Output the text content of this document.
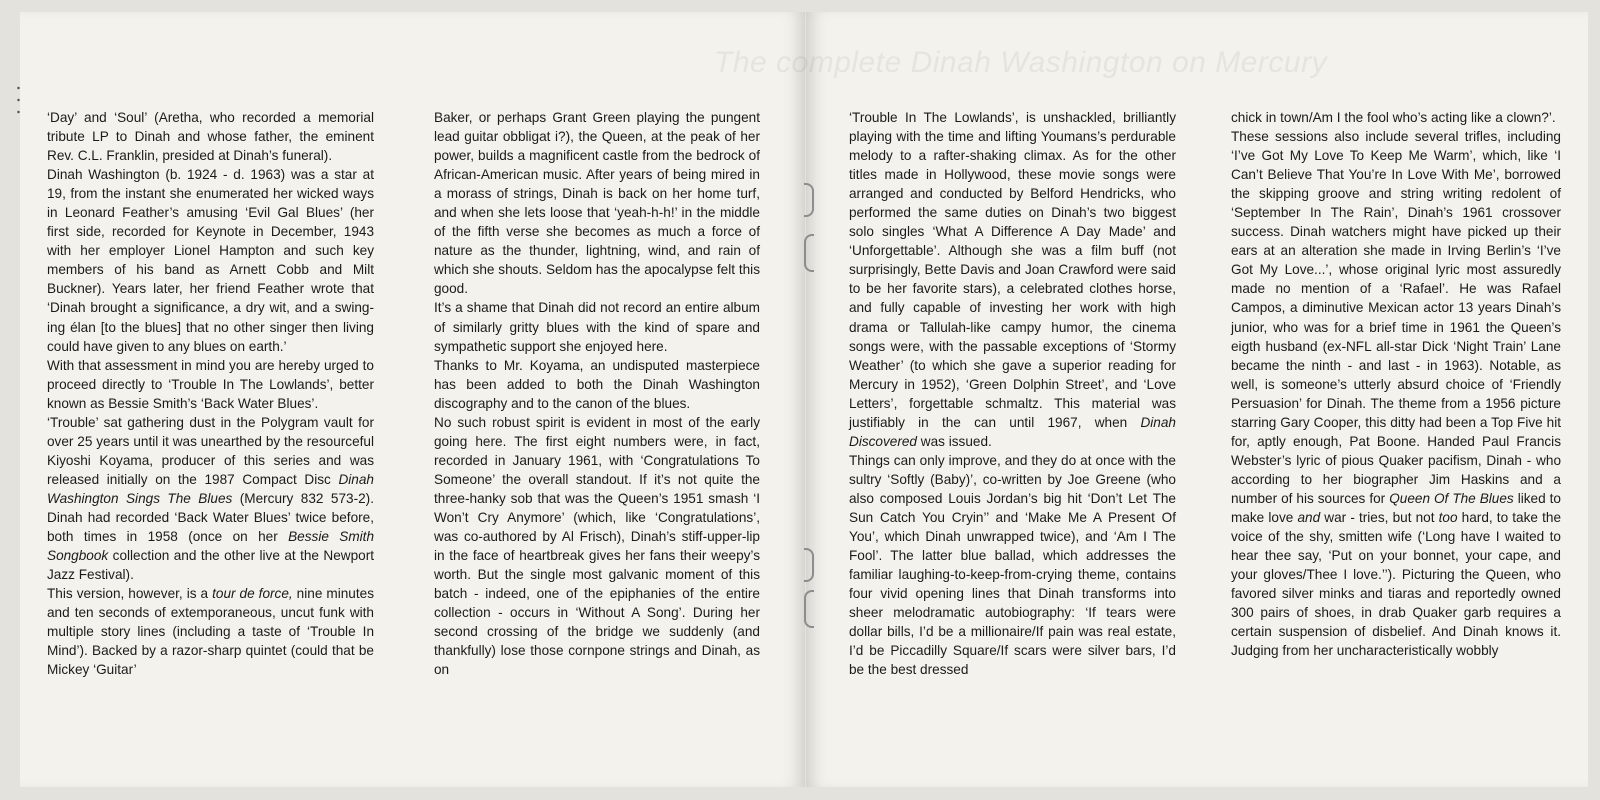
The complete Dinah Washington on Mercury

‘Day’ and ‘Soul’ (Aretha, who recorded a memorial tribute LP to Dinah and whose father, the eminent Rev. C.L. Franklin, presided at Dinah’s funeral).

Dinah Washington (b. 1924 - d. 1963) was a star at 19, from the instant she enumerated her wicked ways in Leonard Feather’s amusing ‘Evil Gal Blues’ (her first side, recorded for Keynote in December, 1943 with her employer Lionel Hampton and such key members of his band as Arnett Cobb and Milt Buckner). Years later, her friend Feather wrote that ‘Dinah brought a significance, a dry wit, and a swinging élan [to the blues] that no other singer then living could have given to any blues on earth.’

With that assessment in mind you are hereby urged to proceed directly to ‘Trouble In The Lowlands’, better known as Bessie Smith’s ‘Back Water Blues’.

‘Trouble’ sat gathering dust in the Polygram vault for over 25 years until it was unearthed by the resourceful Kiyoshi Koyama, producer of this series and was released initially on the 1987 Compact Disc Dinah Washington Sings The Blues (Mercury 832 573-2). Dinah had recorded ‘Back Water Blues’ twice before, both times in 1958 (once on her Bessie Smith Songbook collection and the other live at the Newport Jazz Festival).

This version, however, is a tour de force, nine minutes and ten seconds of extemporaneous, uncut funk with multiple story lines (including a taste of ‘Trouble In Mind’). Backed by a razor-sharp quintet (could that be Mickey ‘Guitar’

Baker, or perhaps Grant Green playing the pungent lead guitar obbligat i?), the Queen, at the peak of her power, builds a magnificent castle from the bedrock of African-American music. After years of being mired in a morass of strings, Dinah is back on her home turf, and when she lets loose that ‘yeah-h-h!’ in the middle of the fifth verse she becomes as much a force of nature as the thunder, lightning, wind, and rain of which she shouts. Seldom has the apocalypse felt this good.

It’s a shame that Dinah did not record an entire album of similarly gritty blues with the kind of spare and sympathetic support she enjoyed here.

Thanks to Mr. Koyama, an undisputed masterpiece has been added to both the Dinah Washington discography and to the canon of the blues.

No such robust spirit is evident in most of the early going here. The first eight numbers were, in fact, recorded in January 1961, with ‘Congratulations To Someone’ the overall standout. If it’s not quite the three-hanky sob that was the Queen’s 1951 smash ‘I Won’t Cry Anymore’ (which, like ‘Congratulations’, was co-authored by Al Frisch), Dinah’s stiff-upper-lip in the face of heartbreak gives her fans their weepy’s worth. But the single most galvanic moment of this batch - indeed, one of the epiphanies of the entire collection - occurs in ‘Without A Song’. During her second crossing of the bridge we suddenly (and thankfully) lose those cornpone strings and Dinah, as on

‘Trouble In The Lowlands’, is unshackled, brilliantly playing with the time and lifting Youmans’s perdurable melody to a rafter-shaking climax. As for the other titles made in Hollywood, these movie songs were arranged and conducted by Belford Hendricks, who performed the same duties on Dinah’s two biggest solo singles ‘What A Difference A Day Made’ and ‘Unforgettable’. Although she was a film buff (not surprisingly, Bette Davis and Joan Crawford were said to be her favorite stars), a celebrated clothes horse, and fully capable of investing her work with high drama or Tallulah-like campy humor, the cinema songs were, with the passable exceptions of ‘Stormy Weather’ (to which she gave a superior reading for Mercury in 1952), ‘Green Dolphin Street’, and ‘Love Letters’, forgettable schmaltz. This material was justifiably in the can until 1967, when Dinah Discovered was issued.

Things can only improve, and they do at once with the sultry ‘Softly (Baby)’, co-written by Joe Greene (who also composed Louis Jordan’s big hit ‘Don’t Let The Sun Catch You Cryin’’ and ‘Make Me A Present Of You’, which Dinah unwrapped twice), and ‘Am I The Fool’. The latter blue ballad, which addresses the familiar laughing-to-keep-from-crying theme, contains four vivid opening lines that Dinah transforms into sheer melodramatic autobiography: ‘If tears were dollar bills, I’d be a millionaire/If pain was real estate, I’d be Piccadilly Square/If scars were silver bars, I’d be the best dressed

chick in town/Am I the fool who’s acting like a clown?’.

These sessions also include several trifles, including ‘I’ve Got My Love To Keep Me Warm’, which, like ‘I Can’t Believe That You’re In Love With Me’, borrowed the skipping groove and string writing redolent of ‘September In The Rain’, Dinah’s 1961 crossover success. Dinah watchers might have picked up their ears at an alteration she made in Irving Berlin’s ‘I’ve Got My Love...’, whose original lyric most assuredly made no mention of a ‘Rafael’. He was Rafael Campos, a diminutive Mexican actor 13 years Dinah’s junior, who was for a brief time in 1961 the Queen’s eigth husband (ex-NFL all-star Dick ‘Night Train’ Lane became the ninth - and last - in 1963). Notable, as well, is someone’s utterly absurd choice of ‘Friendly Persuasion’ for Dinah. The theme from a 1956 picture starring Gary Cooper, this ditty had been a Top Five hit for, aptly enough, Pat Boone. Handed Paul Francis Webster’s lyric of pious Quaker pacifism, Dinah - who according to her biographer Jim Haskins and a number of his sources for Queen Of The Blues liked to make love and war - tries, but not too hard, to take the voice of the shy, smitten wife (‘Long have I waited to hear thee say, ‘Put on your bonnet, your cape, and your gloves/Thee I love.’’). Picturing the Queen, who favored silver minks and tiaras and reportedly owned 300 pairs of shoes, in drab Quaker garb requires a certain suspension of disbelief. And Dinah knows it. Judging from her uncharacteristically wobbly
